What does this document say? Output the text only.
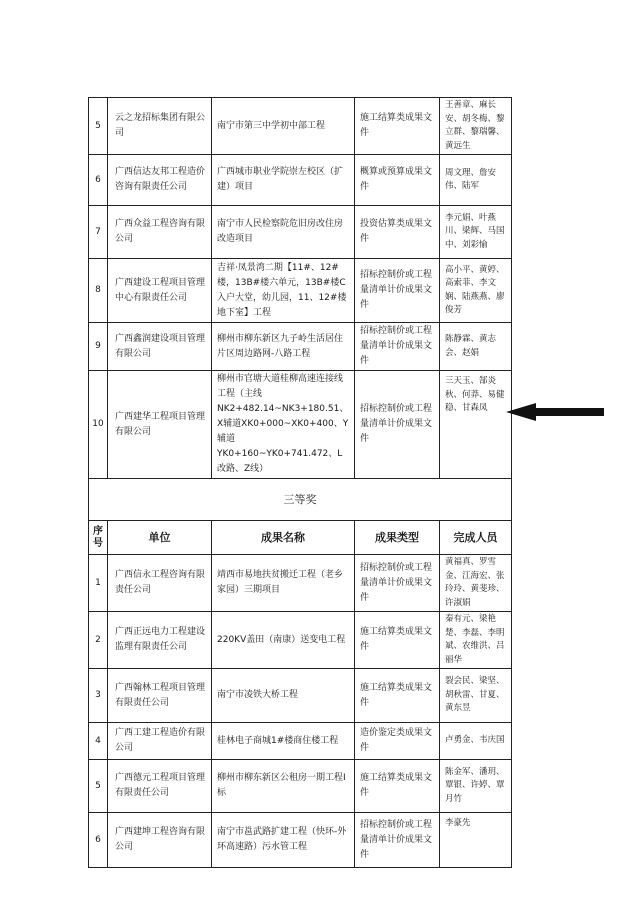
5	云之龙招标集团有限公司	南宁市第三中学初中部工程	施工结算类成果文件	王善章、麻长安、胡冬梅、黎立群、黎瑞馨、黄远生
6	广西信达友邦工程造价咨询有限责任公司	广西城市职业学院崇左校区（扩建）项目	概算或预算成果文件	周文理、詹安伟、陆军
7	广西众益工程咨询有限公司	南宁市人民检察院危旧房改住房改造项目	投资估算类成果文件	李元娟、叶燕川、梁辉、马国中、刘彩愉
8	广西建设工程项目管理中心有限责任公司	吉祥·凤景湾二期【11#、12#楼，13B#楼六单元，13B#楼C入户大堂，幼儿园，11、12#楼地下室】工程	招标控制价或工程量清单计价成果文件	高小平、黄婷、高索菲、李文娴、陆燕燕、廖俊芳
9	广西鑫润建设项目管理有限公司	柳州市柳东新区九子岭生活居住片区周边路网-八路工程	招标控制价或工程量清单计价成果文件	陈静霖、黄志会、赵娟
10	广西建华工程项目管理有限公司	柳州市官塘大道桂柳高速连接线工程（主线NK2+482.14~NK3+180.51、X辅道XK0+000~XK0+400、Y辅道YK0+160~YK0+741.472、L改路、Z线）	招标控制价或工程量清单计价成果文件	三天玉、郜炎秋、何莽、易健稳、甘森凤
三等奖				
序号	单位	成果名称	成果类型	完成人员
1	广西信永工程咨询有限责任公司	靖西市易地扶贫搬迁工程（老乡家园）三期项目	招标控制价或工程量清单计价成果文件	黄福真、罗雪金、江海宏、张玲玲、黄斐珍、许淑娟
2	广西正远电力工程建设监理有限责任公司	220KV盖田（南康）送变电工程	施工结算类成果文件	秦有元、梁艳楚、李磊、李明斌、农维洪、吕丽华
3	广西翰林工程项目管理有限责任公司	南宁市凌铁大桥工程	施工结算类成果文件	裂会民、梁坚、胡秋雷、甘夏、黄东昱
4	广西工建工程造价有限公司	桂林电子商城1#楼商住楼工程	造价鉴定类成果文件	卢勇金、韦庆国
5	广西德元工程项目管理有限责任公司	柳州市柳东新区公租房一期工程Ⅰ标	施工结算类成果文件	陈金军、潘玥、覃银、许婷、覃月竹
6	广西建坤工程咨询有限公司	南宁市邕武路扩建工程（快环-外环高速路）污水管工程	招标控制价或工程量清单计价成果文件	李豪先
